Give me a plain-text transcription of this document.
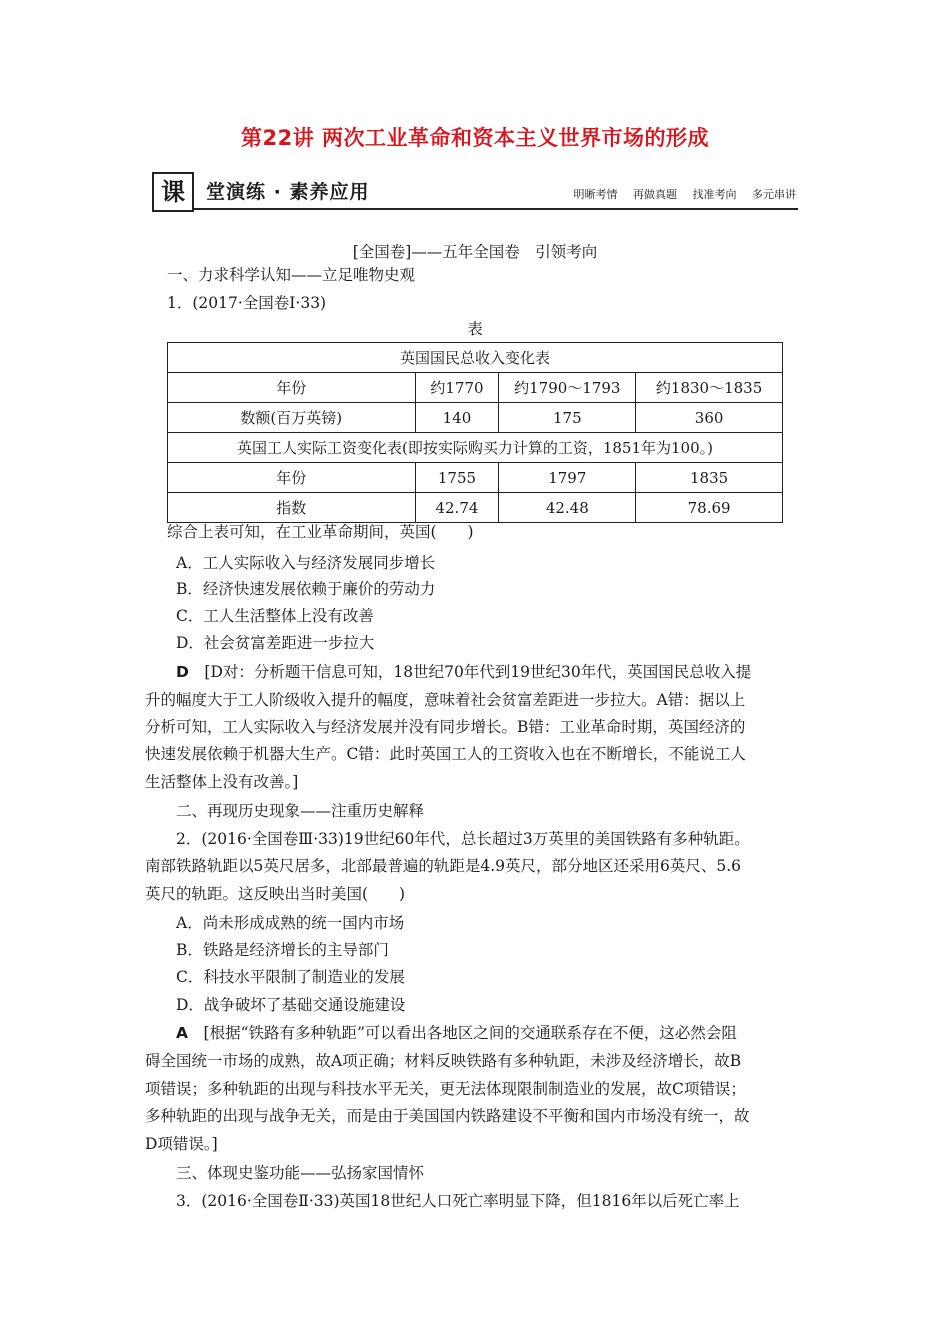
第22讲 两次工业革命和资本主义世界市场的形成
课	堂演练 · 素养应用	明晰考情 再做真题 找准考向 多元串讲
[全国卷]——五年全国卷　引领考向
一、力求科学认知——立足唯物史观
1．(2017·全国卷Ⅰ·33)
表
英国国民总收入变化表			
年份	约1770	约1790～1793	约1830～1835
数额(百万英镑)	140	175	360
英国工人实际工资变化表(即按实际购买力计算的工资，1851年为100。)			
年份	1755	1797	1835
指数	42.74	42.48	78.69
综合上表可知，在工业革命期间，英国(　　)
A．工人实际收入与经济发展同步增长
B．经济快速发展依赖于廉价的劳动力
C．工人生活整体上没有改善
D．社会贫富差距进一步拉大
D　 [D对：分析题干信息可知，18世纪70年代到19世纪30年代，英国国民总收入提
升的幅度大于工人阶级收入提升的幅度，意味着社会贫富差距进一步拉大。A错：据以上
分析可知，工人实际收入与经济发展并没有同步增长。B错：工业革命时期，英国经济的
快速发展依赖于机器大生产。C错：此时英国工人的工资收入也在不断增长，不能说工人
生活整体上没有改善。]
二、再现历史现象——注重历史解释
2．(2016·全国卷Ⅲ·33)19世纪60年代，总长超过3万英里的美国铁路有多种轨距。
南部铁路轨距以5英尺居多，北部最普遍的轨距是4.9英尺，部分地区还采用6英尺、5.6
英尺的轨距。这反映出当时美国(　　)
A．尚未形成成熟的统一国内市场
B．铁路是经济增长的主导部门
C．科技水平限制了制造业的发展
D．战争破坏了基础交通设施建设
A　 [根据“铁路有多种轨距”可以看出各地区之间的交通联系存在不便，这必然会阻
碍全国统一市场的成熟，故A项正确；材料反映铁路有多种轨距，未涉及经济增长，故B
项错误；多种轨距的出现与科技水平无关，更无法体现限制制造业的发展，故C项错误；
多种轨距的出现与战争无关，而是由于美国国内铁路建设不平衡和国内市场没有统一，故
D项错误。]
三、体现史鉴功能——弘扬家国情怀
3．(2016·全国卷Ⅱ·33)英国18世纪人口死亡率明显下降，但1816年以后死亡率上
